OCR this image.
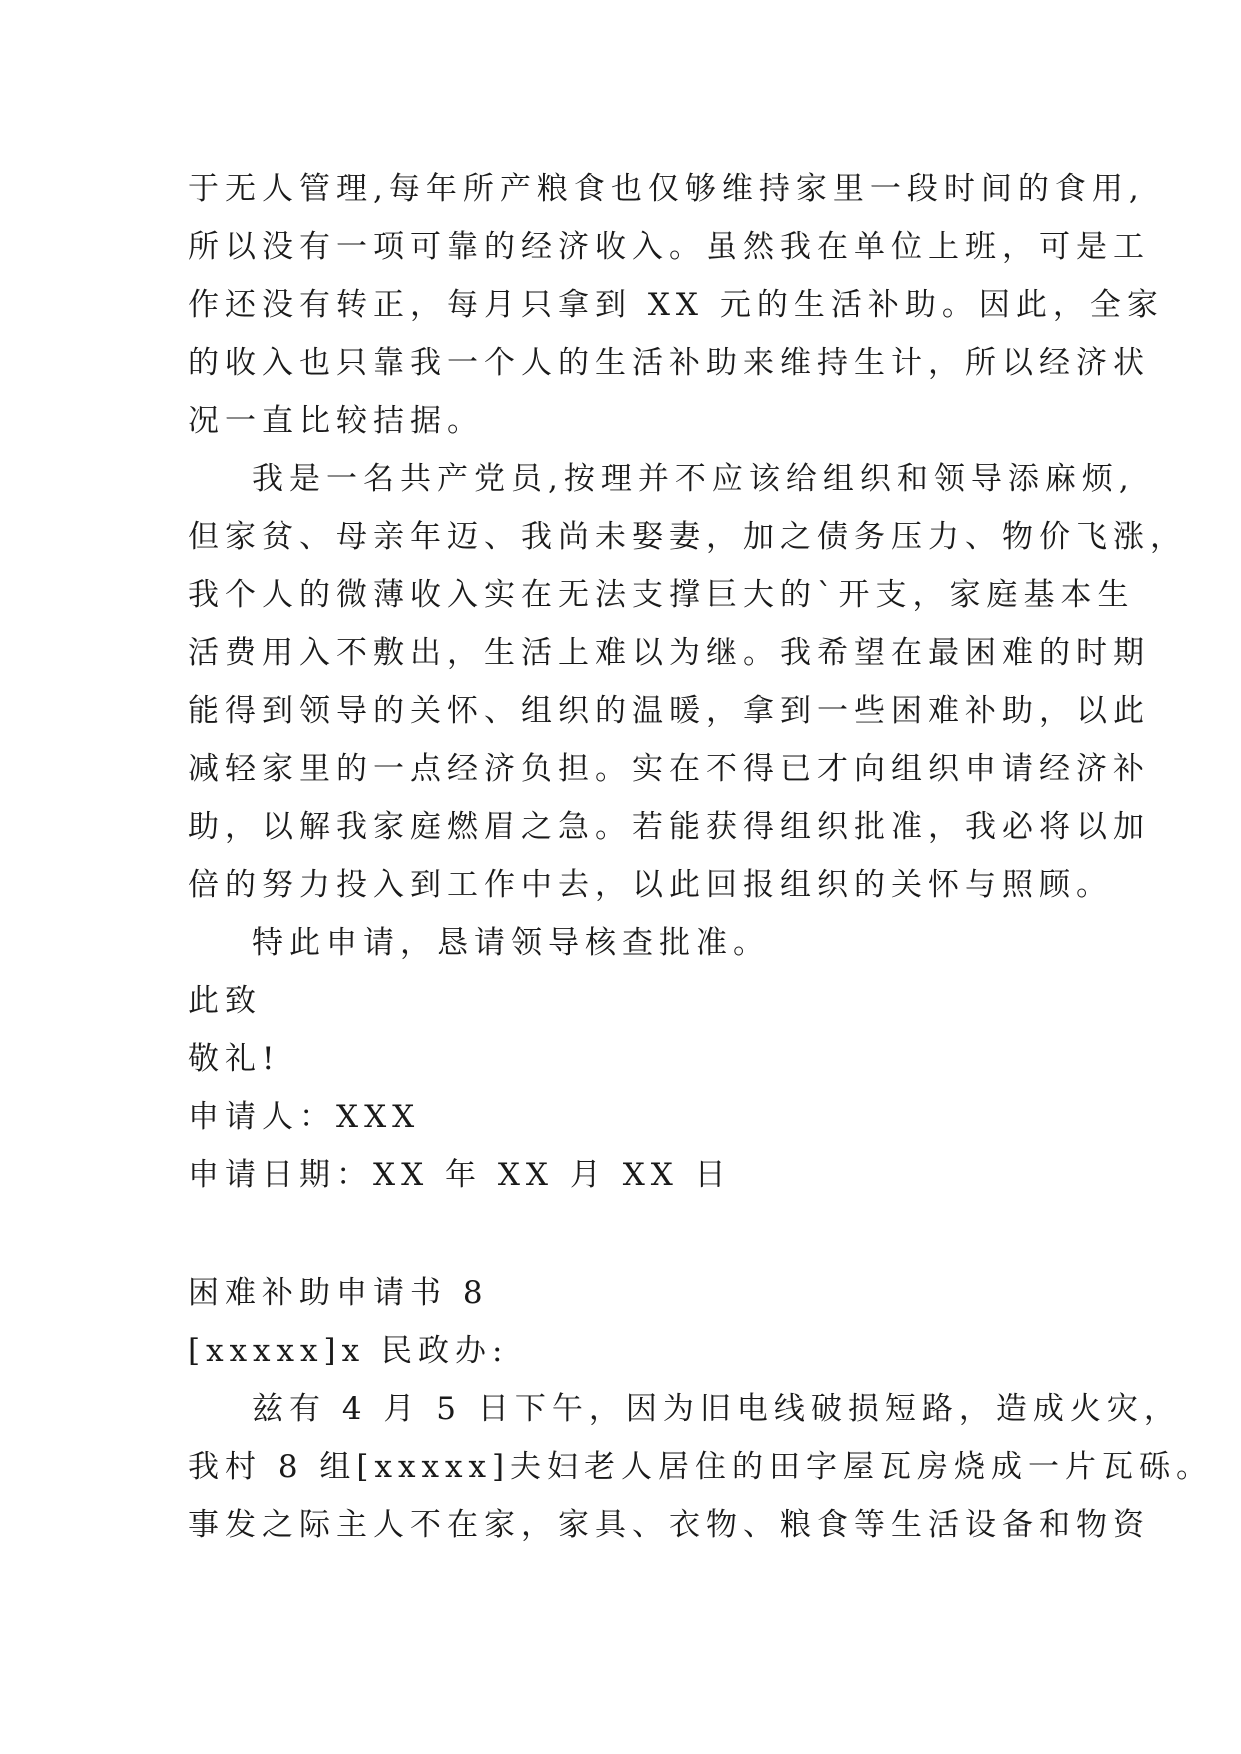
于无人管理,每年所产粮食也仅够维持家里一段时间的食用,
所以没有一项可靠的经济收入。虽然我在单位上班，可是工
作还没有转正，每月只拿到 XX 元的生活补助。因此，全家
的收入也只靠我一个人的生活补助来维持生计，所以经济状
况一直比较拮据。
我是一名共产党员,按理并不应该给组织和领导添麻烦,
但家贫、母亲年迈、我尚未娶妻，加之债务压力、物价飞涨，
我个人的微薄收入实在无法支撑巨大的`开支，家庭基本生
活费用入不敷出，生活上难以为继。我希望在最困难的时期
能得到领导的关怀、组织的温暖，拿到一些困难补助，以此
减轻家里的一点经济负担。实在不得已才向组织申请经济补
助，以解我家庭燃眉之急。若能获得组织批准，我必将以加
倍的努力投入到工作中去，以此回报组织的关怀与照顾。
特此申请，恳请领导核查批准。
此致
敬礼!
申请人：XXX
申请日期：XX 年 XX 月 XX 日
困难补助申请书 8
[xxxxx]x 民政办:
兹有 4 月 5 日下午，因为旧电线破损短路，造成火灾，
我村 8 组[xxxxx]夫妇老人居住的田字屋瓦房烧成一片瓦砾。
事发之际主人不在家，家具、衣物、粮食等生活设备和物资
